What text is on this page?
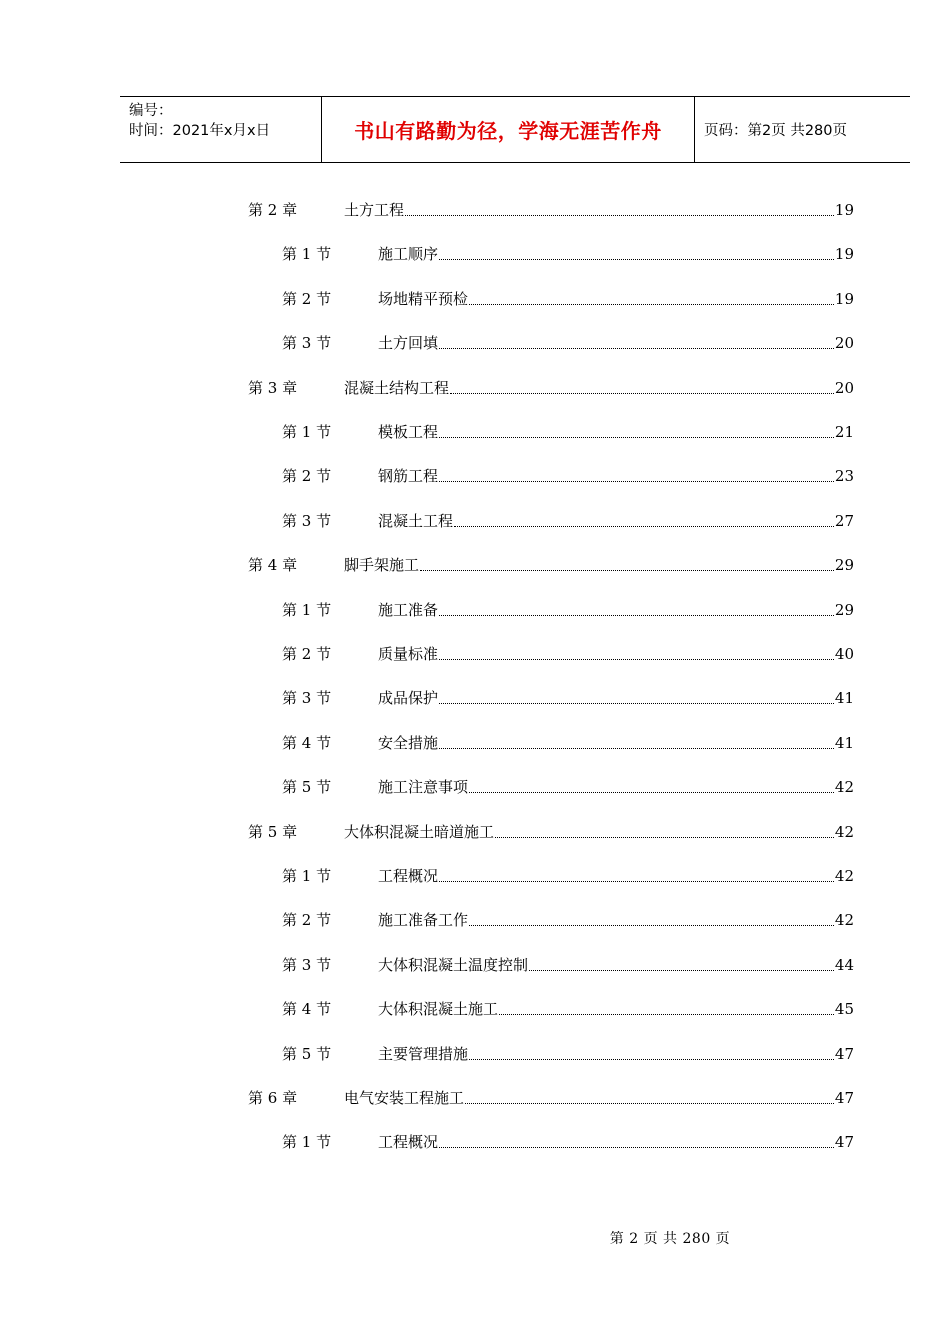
编号：
时间：2021年x月x日	书山有路勤为径，学海无涯苦作舟	页码：第2页 共280页
第 2 章	土方工程	19
第 1 节	施工顺序	19
第 2 节	场地精平预检	19
第 3 节	土方回填	20
第 3 章	混凝土结构工程	20
第 1 节	模板工程	21
第 2 节	钢筋工程	23
第 3 节	混凝土工程	27
第 4 章	脚手架施工	29
第 1 节	施工准备	29
第 2 节	质量标准	40
第 3 节	成品保护	41
第 4 节	安全措施	41
第 5 节	施工注意事项	42
第 5 章	大体积混凝土暗道施工	42
第 1 节	工程概况	42
第 2 节	施工准备工作	42
第 3 节	大体积混凝土温度控制	44
第 4 节	大体积混凝土施工	45
第 5 节	主要管理措施	47
第 6 章	电气安装工程施工	47
第 1 节	工程概况	47
第 2 页 共 280 页
